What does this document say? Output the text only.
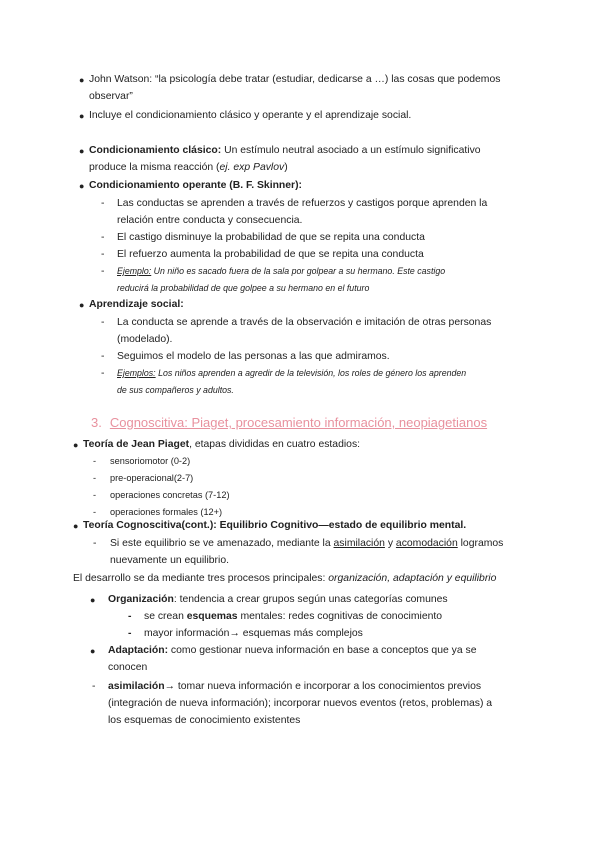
● John Watson: “la psicología debe tratar (estudiar, dedicarse a …) las cosas que podemos
observar”
● Incluye el condicionamiento clásico y operante y el aprendizaje social.
● Condicionamiento clásico: Un estímulo neutral asociado a un estímulo significativo
produce la misma reacción (ej. exp Pavlov)
● Condicionamiento operante (B. F. Skinner):
- Las conductas se aprenden a través de refuerzos y castigos porque aprenden la
relación entre conducta y consecuencia.
- El castigo disminuye la probabilidad de que se repita una conducta
- El refuerzo aumenta la probabilidad de que se repita una conducta
- Ejemplo: Un niño es sacado fuera de la sala por golpear a su hermano. Este castigo
reducirá la probabilidad de que golpee a su hermano en el futuro
● Aprendizaje social:
- La conducta se aprende a través de la observación e imitación de otras personas
(modelado).
- Seguimos el modelo de las personas a las que admiramos.
- Ejemplos: Los niños aprenden a agredir de la televisión, los roles de género los aprenden
de sus compañeros y adultos.
3. Cognoscitiva: Piaget, procesamiento información, neopiagetianos
● Teoría de Jean Piaget, etapas divididas en cuatro estadios:
- sensoriomotor (0-2)
- pre-operacional(2-7)
- operaciones concretas (7-12)
- operaciones formales (12+)
● Teoría Cognoscitiva(cont.): Equilibrio Cognitivo—estado de equilibrio mental.
- Si este equilibrio se ve amenazado, mediante la asimilación y acomodación logramos
nuevamente un equilibrio.
El desarrollo se da mediante tres procesos principales: organización, adaptación y equilibrio
● Organización: tendencia a crear grupos según unas categorías comunes
- se crean esquemas mentales: redes cognitivas de conocimiento
- mayor información→ esquemas más complejos
● Adaptación: como gestionar nueva información en base a conceptos que ya se
conocen
- asimilación→ tomar nueva información e incorporar a los conocimientos previos
(integración de nueva información); incorporar nuevos eventos (retos, problemas) a
los esquemas de conocimiento existentes
